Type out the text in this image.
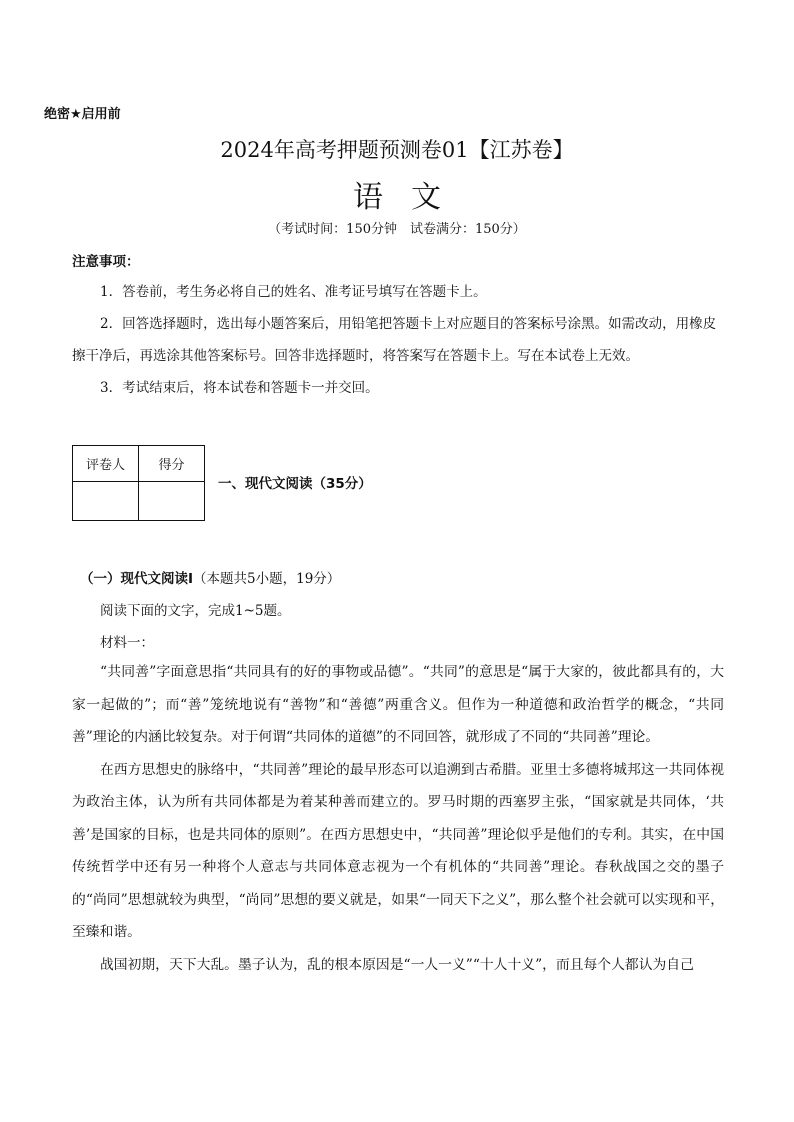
绝密★启用前
2024年高考押题预测卷01【江苏卷】
语文
（考试时间：150分钟　试卷满分：150分）
注意事项：

1．答卷前，考生务必将自己的姓名、准考证号填写在答题卡上。

2．回答选择题时，选出每小题答案后，用铅笔把答题卡上对应题目的答案标号涂黑。如需改动，用橡皮擦干净后，再选涂其他答案标号。回答非选择题时，将答案写在答题卡上。写在本试卷上无效。

3．考试结束后，将本试卷和答题卡一并交回。

评卷人	得分

一、现代文阅读（35分）
（一）现代文阅读Ⅰ（本题共5小题，19分）
阅读下面的文字，完成1~5题。
材料一：

“共同善”字面意思指“共同具有的好的事物或品德”。“共同”的意思是“属于大家的，彼此都具有的，大家一起做的”；而“善”笼统地说有“善物”和“善德”两重含义。但作为一种道德和政治哲学的概念，“共同善”理论的内涵比较复杂。对于何谓“共同体的道德”的不同回答，就形成了不同的“共同善”理论。

在西方思想史的脉络中，“共同善”理论的最早形态可以追溯到古希腊。亚里士多德将城邦这一共同体视为政治主体，认为所有共同体都是为着某种善而建立的。罗马时期的西塞罗主张，“国家就是共同体，‘共善’是国家的目标，也是共同体的原则”。在西方思想史中，“共同善”理论似乎是他们的专利。其实，在中国传统哲学中还有另一种将个人意志与共同体意志视为一个有机体的“共同善”理论。春秋战国之交的墨子的“尚同”思想就较为典型，“尚同”思想的要义就是，如果“一同天下之义”，那么整个社会就可以实现和平，至臻和谐。

战国初期，天下大乱。墨子认为，乱的根本原因是“一人一义”“十人十义”，而且每个人都认为自己
